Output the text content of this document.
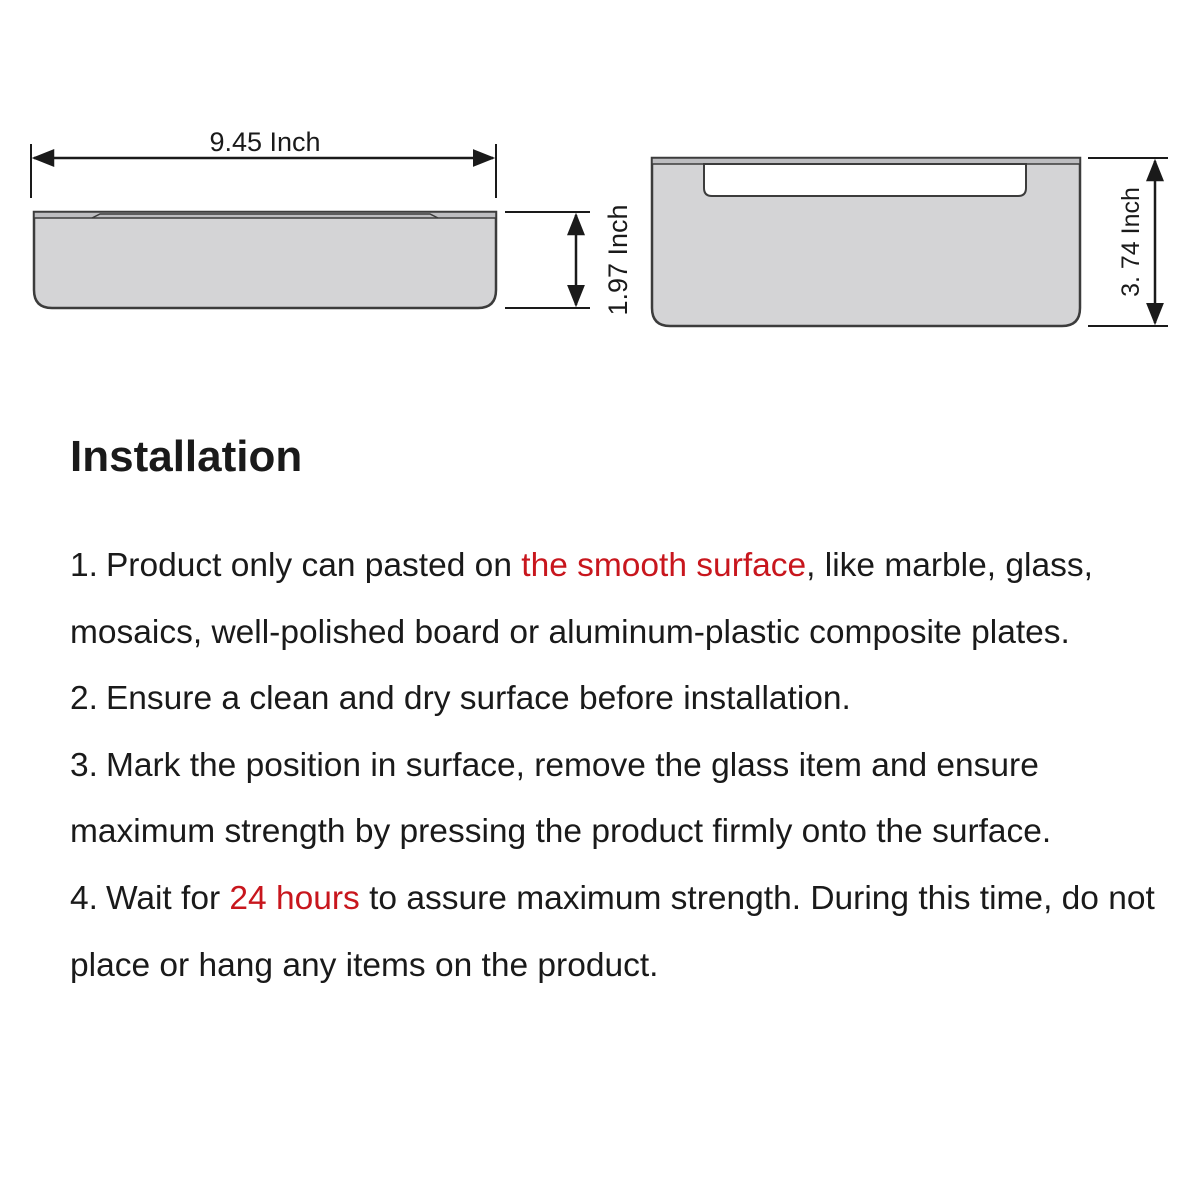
9.45 Inch
1.97 Inch	3. 74 Inch
Installation
1. Product only can pasted on the smooth surface, like marble, glass, mosaics, well-polished board or aluminum-plastic composite plates.
2. Ensure a clean and dry surface before installation.
3. Mark the position in surface, remove the glass item and ensure maximum strength by pressing the product firmly onto the surface.
4. Wait for 24 hours to assure maximum strength. During this time, do not place or hang any items on the product.
